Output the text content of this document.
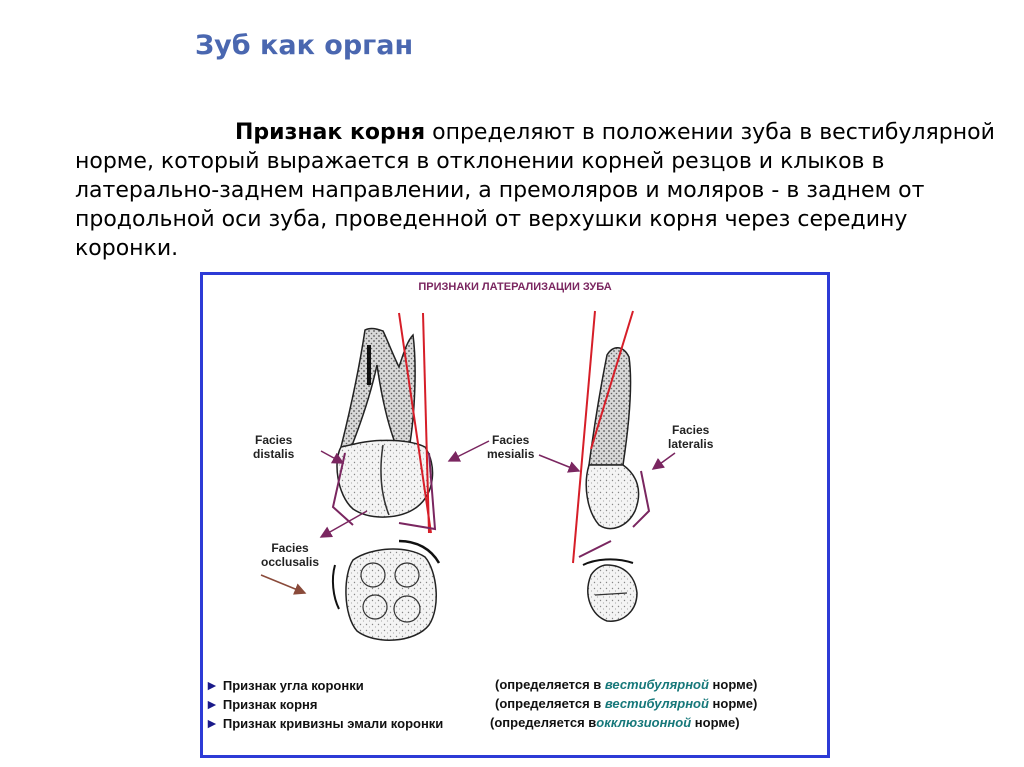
Зуб как орган
Признак корня определяют в положении зуба в вестибулярной норме, который выражается в отклонении корней резцов и клыков в латерально-заднем направлении, а премоляров и моляров - в заднем от продольной оси зуба, проведенной от верхушки корня через середину коронки.
ПРИЗНАКИ ЛАТЕРАЛИЗАЦИИ ЗУБА
Facies
distalis
Facies
mesialis
Facies
lateralis
Facies
occlusalis
► Признак угла коронки	(определяется в вестибулярной норме)
► Признак корня	(определяется в вестибулярной норме)
► Признак кривизны эмали коронки	(определяется вокклюзионной норме)
